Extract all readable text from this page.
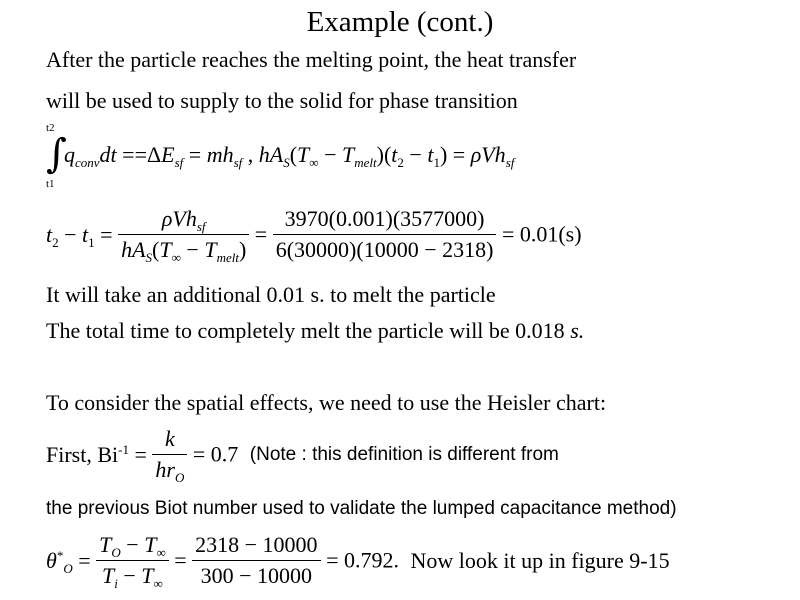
Example (cont.)
After the particle reaches the melting point, the heat transfer
will be used to supply to the solid for phase transition
t2
∫
t1
$q_{conv}dt ==\Delta E_{sf} = mh_{sf}$ , $hA_S(T_\infty - T_{melt})(t_2 - t_1) = \rho Vh_{sf}$
$t_2 - t_1 = \frac{\rho Vh_{sf}}{hA_S(T_\infty - T_{melt})} = \frac{3970(0.001)(3577000)}{6(30000)(10000 - 2318)} = 0.01(s)$
It will take an additional 0.01 s. to melt the particle
The total time to completely melt the particle will be 0.018 s.
To consider the spatial effects, we need to use the Heisler chart:
First, $Bi^{-1} = \frac{k}{hr_O} = 0.7$ (Note : this definition is different from
the previous Biot number used to validate the lumped capacitance method)
$\theta^*_O = \frac{T_O - T_\infty}{T_i - T_\infty} = \frac{2318 - 10000}{300 - 10000} = 0.792$. Now look it up in figure 9-15
